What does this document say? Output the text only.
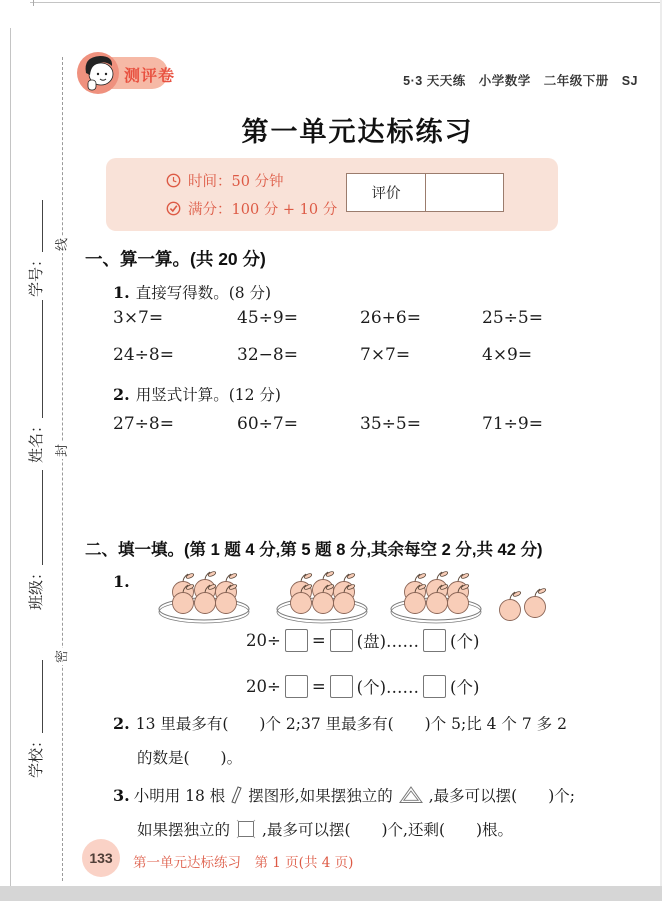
学号：
姓名：
班级：
学校：
线
封
密
测评卷	5·3 天天练　小学数学　二年级下册　SJ
第一单元达标练习
时间：50 分钟
满分：100 分 + 10 分
评价
一、算一算。(共 20 分)
1. 直接写得数。(8 分)
3×7=	45÷9=	26+6=	25÷5=
24÷8=	32−8=	7×7=	4×9=
2. 用竖式计算。(12 分)
27÷8=	60÷7=	35÷5=	71÷9=
二、填一填。(第 1 题 4 分,第 5 题 8 分,其余每空 2 分,共 42 分)
1.
20÷ = (盘)…… (个)
20÷ = (个)…… (个)
2. 13 里最多有(　　)个 2;37 里最多有(　　)个 5;比 4 个 7 多 2
的数是(　　)。
3. 小明用 18 根 摆图形,如果摆独立的 ,最多可以摆(　　)个;
如果摆独立的 ,最多可以摆(　　)个,还剩(　　)根。
133	第一单元达标练习　第 1 页(共 4 页)
